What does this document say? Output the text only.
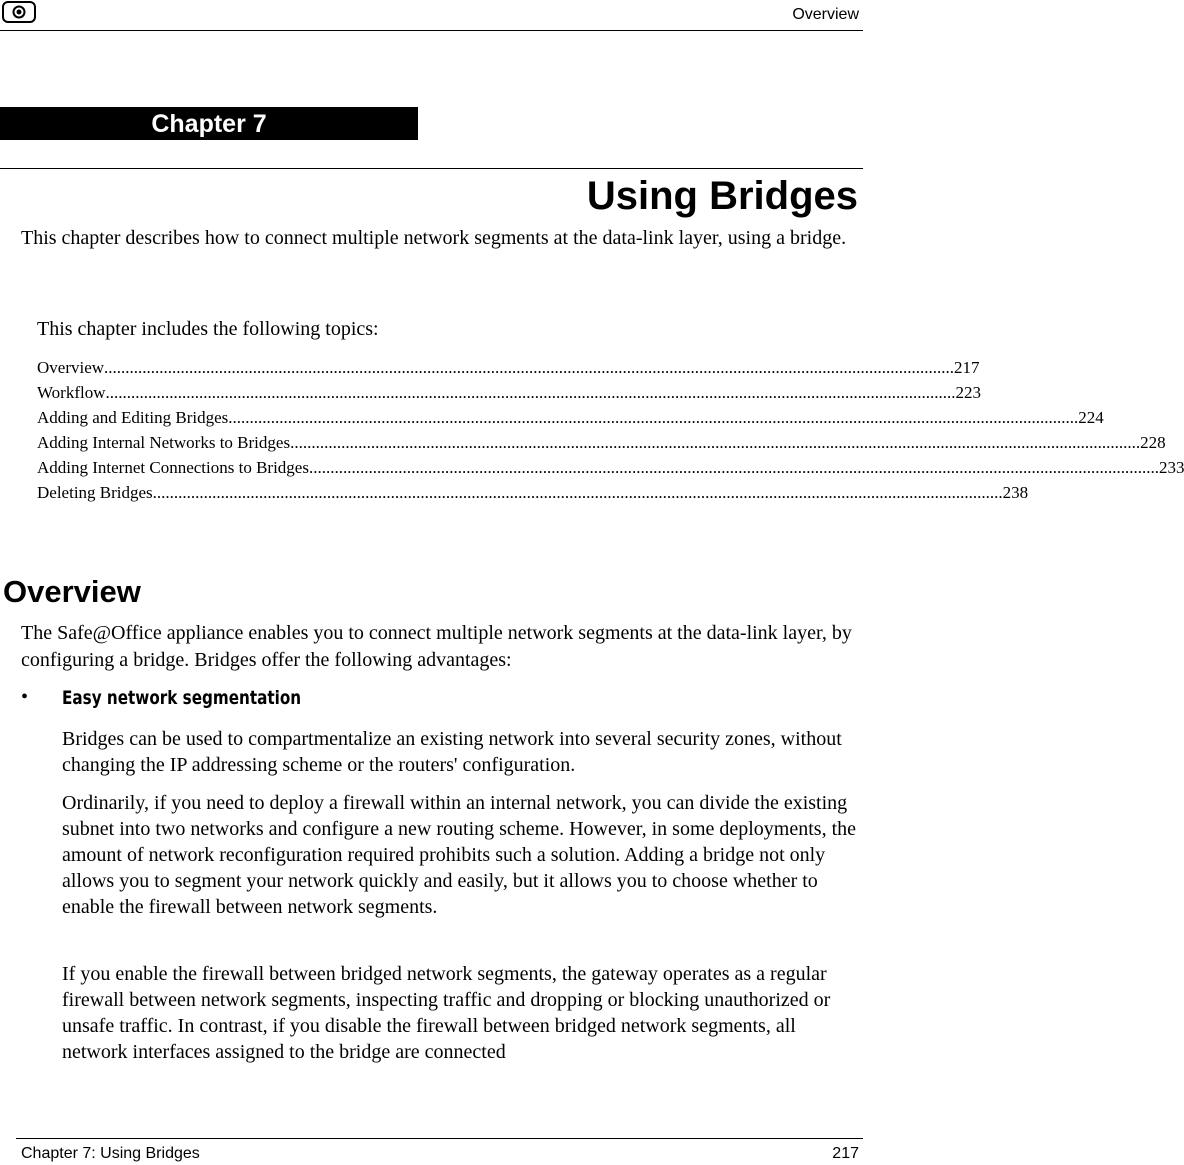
Overview
Chapter 7
Using Bridges

This chapter describes how to connect multiple network segments at the data-link layer, using a bridge.

This chapter includes the following topics:

Overview ........................................................................................................................................................................................................ 217
Workflow ........................................................................................................................................................................................................ 223
Adding and Editing Bridges ........................................................................................................................................................................................................ 224
Adding Internal Networks to Bridges ........................................................................................................................................................................................................ 228
Adding Internet Connections to Bridges ........................................................................................................................................................................................................ 233
Deleting Bridges ........................................................................................................................................................................................................ 238
Overview

The Safe@Office appliance enables you to connect multiple network segments at the data-link layer, by configuring a bridge. Bridges offer the following advantages:

• Easy network segmentation

Bridges can be used to compartmentalize an existing network into several security zones, without changing the IP addressing scheme or the routers' configuration.

Ordinarily, if you need to deploy a firewall within an internal network, you can divide the existing subnet into two networks and configure a new routing scheme. However, in some deployments, the amount of network reconfiguration required prohibits such a solution. Adding a bridge not only allows you to segment your network quickly and easily, but it allows you to choose whether to enable the firewall between network segments.

If you enable the firewall between bridged network segments, the gateway operates as a regular firewall between network segments, inspecting traffic and dropping or blocking unauthorized or unsafe traffic. In contrast, if you disable the firewall between bridged network segments, all network interfaces assigned to the bridge are connected

Chapter 7: Using Bridges	217
